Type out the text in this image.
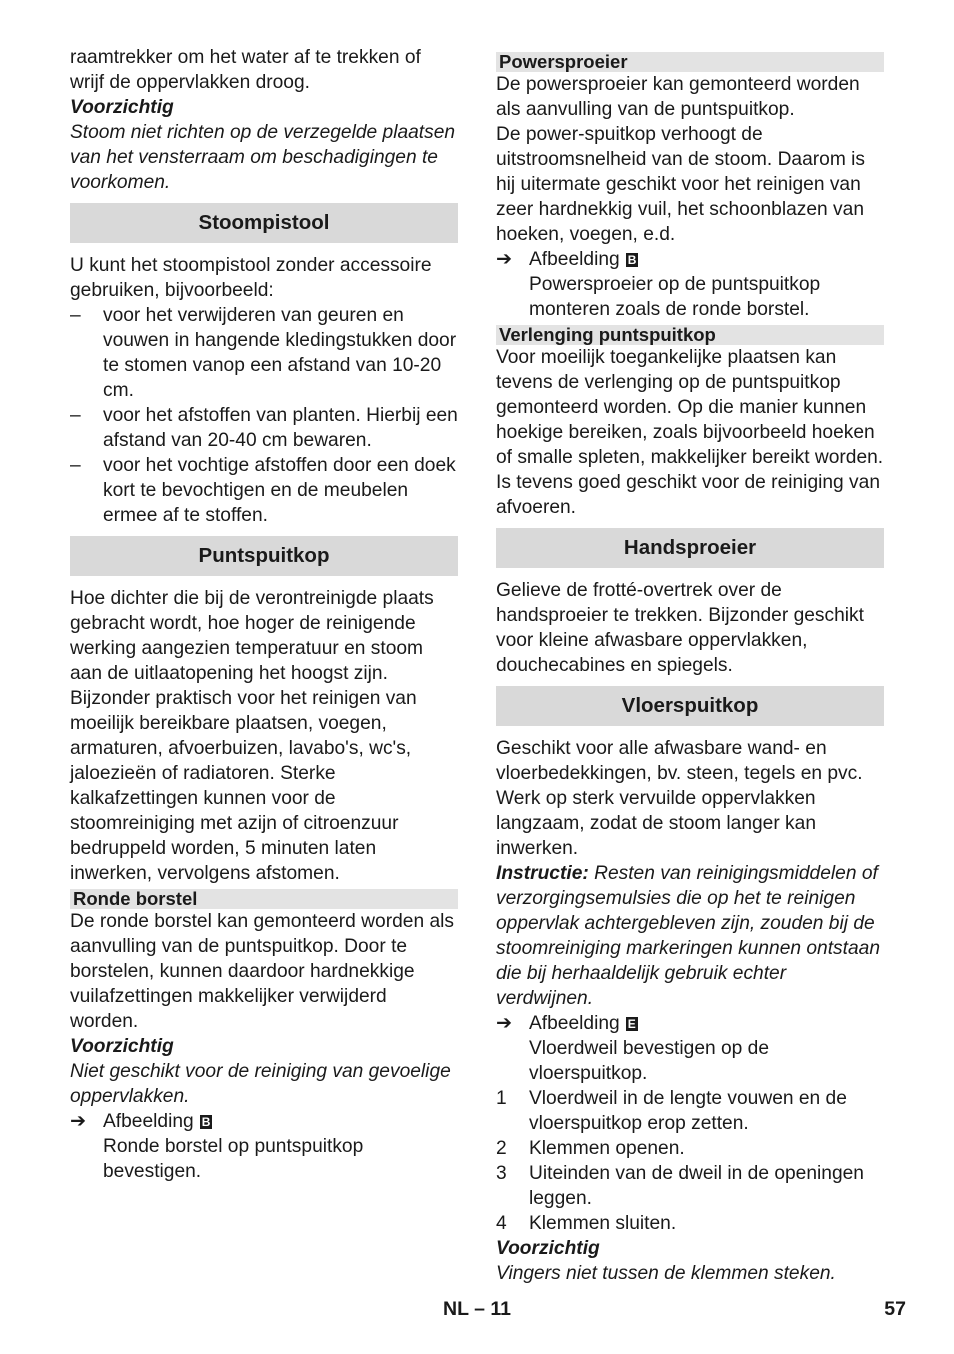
raamtrekker om het water af te trekken of wrijf de oppervlakken droog.

Voorzichtig

Stoom niet richten op de verzegelde plaatsen van het vensterraam om beschadigingen te voorkomen.

Stoompistool

U kunt het stoompistool zonder accessoire gebruiken, bijvoorbeeld:

–	voor het verwijderen van geuren en vouwen in hangende kledingstukken door te stomen vanop een afstand van 10-20 cm.
–	voor het afstoffen van planten. Hierbij een afstand van 20-40 cm bewaren.
–	voor het vochtige afstoffen door een doek kort te bevochtigen en de meubelen ermee af te stoffen.
Puntspuitkop

Hoe dichter die bij de verontreinigde plaats gebracht wordt, hoe hoger de reinigende werking aangezien temperatuur en stoom aan de uitlaatopening het hoogst zijn. Bijzonder praktisch voor het reinigen van moeilijk bereikbare plaatsen, voegen, armaturen, afvoerbuizen, lavabo's, wc's, jaloezieën of radiatoren. Sterke kalkafzettingen kunnen voor de stoomreiniging met azijn of citroenzuur bedruppeld worden, 5 minuten laten inwerken, vervolgens afstomen.

Ronde borstel

De ronde borstel kan gemonteerd worden als aanvulling van de puntspuitkop. Door te borstelen, kunnen daardoor hardnekkige vuilafzettingen makkelijker verwijderd worden.

Voorzichtig

Niet geschikt voor de reiniging van gevoelige oppervlakken.

➔ Afbeelding B
Ronde borstel op puntspuitkop bevestigen.
Powersproeier

De powersproeier kan gemonteerd worden als aanvulling van de puntspuitkop.

De power-spuitkop verhoogt de uitstroomsnelheid van de stoom. Daarom is hij uitermate geschikt voor het reinigen van zeer hardnekkig vuil, het schoonblazen van hoeken, voegen, e.d.

➔ Afbeelding B
Powersproeier op de puntspuitkop monteren zoals de ronde borstel.
Verlenging puntspuitkop

Voor moeilijk toegankelijke plaatsen kan tevens de verlenging op de puntspuitkop gemonteerd worden. Op die manier kunnen hoekige bereiken, zoals bijvoorbeeld hoeken of smalle spleten, makkelijker bereikt worden. Is tevens goed geschikt voor de reiniging van afvoeren.

Handsproeier

Gelieve de frotté-overtrek over de handsproeier te trekken. Bijzonder geschikt voor kleine afwasbare oppervlakken, douchecabines en spiegels.

Vloerspuitkop

Geschikt voor alle afwasbare wand- en vloerbedekkingen, bv. steen, tegels en pvc. Werk op sterk vervuilde oppervlakken langzaam, zodat de stoom langer kan inwerken.

Instructie: Resten van reinigingsmiddelen of verzorgingsemulsies die op het te reinigen oppervlak achtergebleven zijn, zouden bij de stoomreiniging markeringen kunnen ontstaan die bij herhaaldelijk gebruik echter verdwijnen.

➔ Afbeelding E
Vloerdweil bevestigen op de vloerspuitkop.
1	Vloerdweil in de lengte vouwen en de vloerspuitkop erop zetten.
2	Klemmen openen.
3	Uiteinden van de dweil in de openingen leggen.
4	Klemmen sluiten.

Voorzichtig

Vingers niet tussen de klemmen steken.

NL – 11	57
